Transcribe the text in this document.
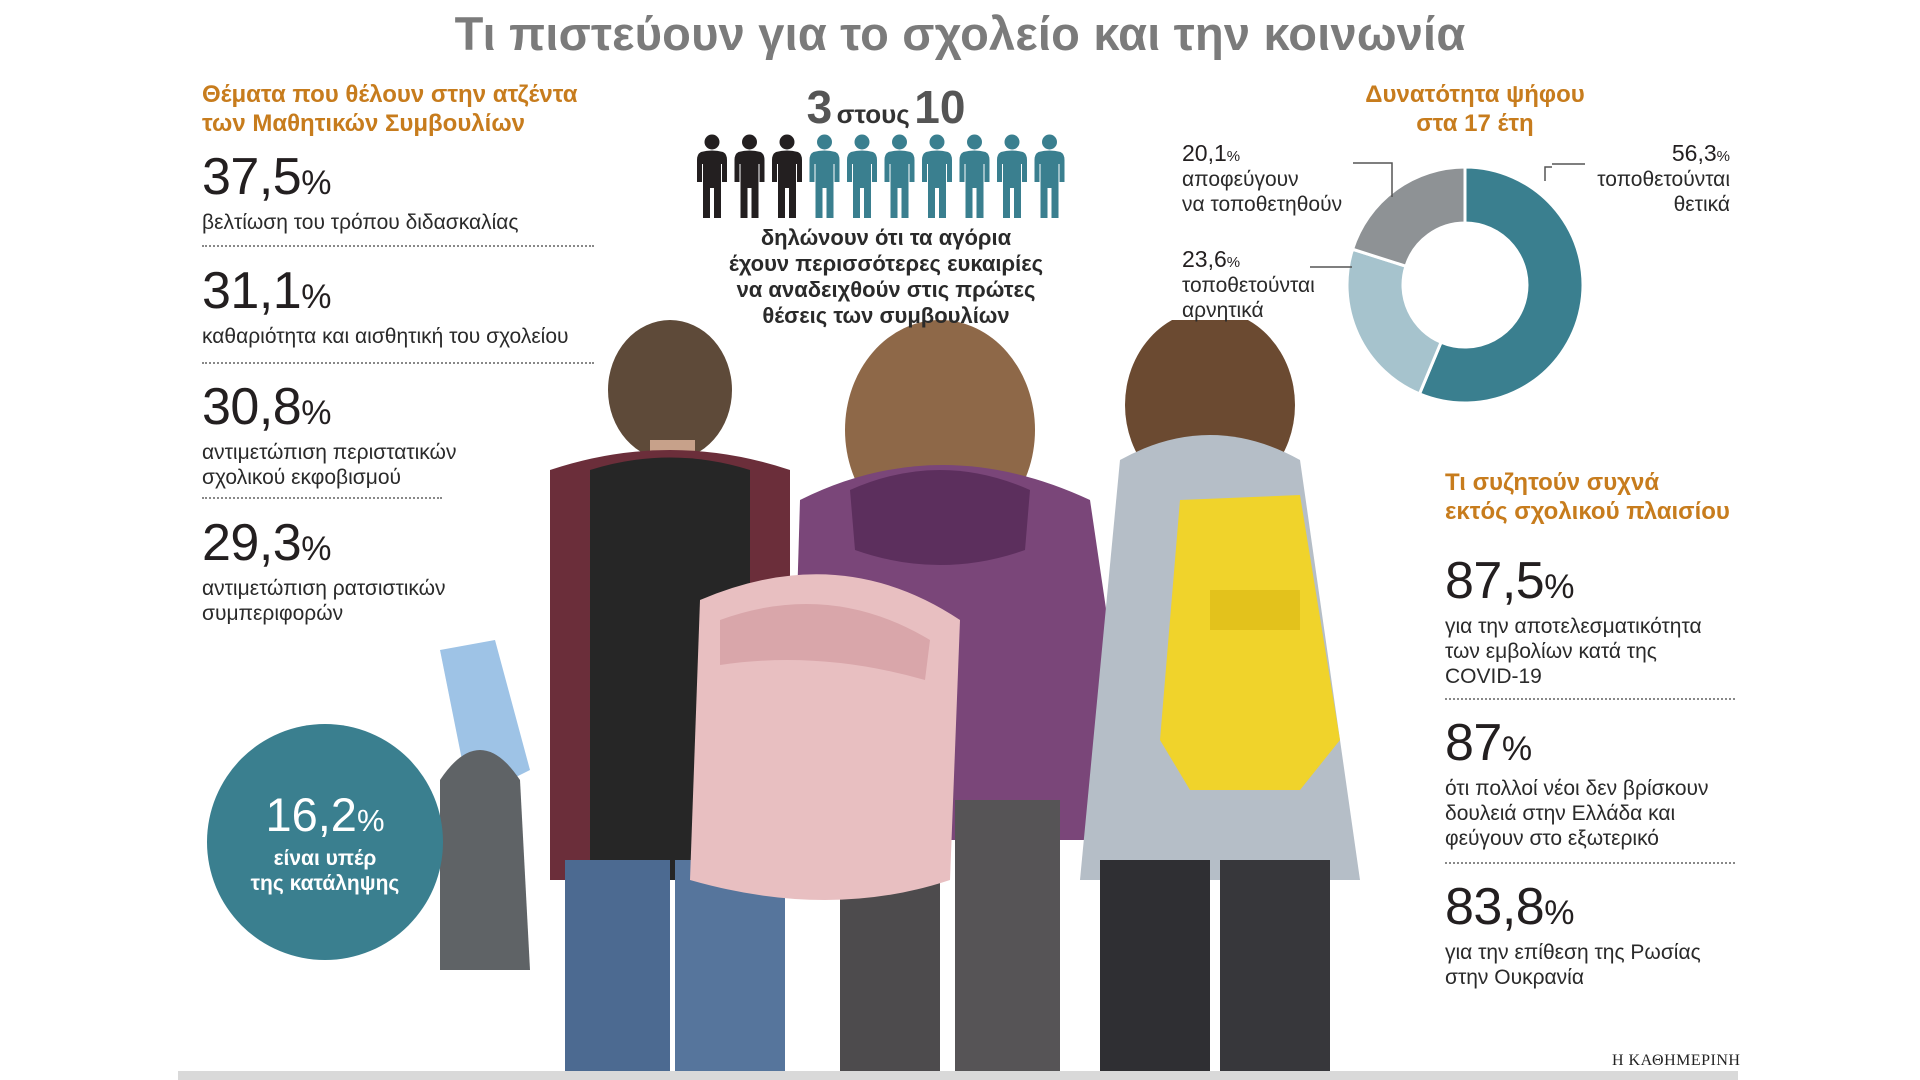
Τι πιστεύουν για το σχολείο και την κοινωνία
Θέματα που θέλουν στην ατζέντα των Μαθητικών Συμβουλίων
37,5%
βελτίωση του τρόπου διδασκαλίας
31,1%
καθαριότητα και αισθητική του σχολείου
30,8%
αντιμετώπιση περιστατικών
σχολικού εκφοβισμού
29,3%
αντιμετώπιση ρατσιστικών
συμπεριφορών
16,2%
είναι υπέρ
της κατάληψης
3 στους 10
δηλώνουν ότι τα αγόρια
έχουν περισσότερες ευκαιρίες
να αναδειχθούν στις πρώτες
θέσεις των συμβουλίων
Δυνατότητα ψήφου
στα 17 έτη
20,1%
αποφεύγουν
να τοποθετηθούν
23,6%
τοποθετούνται
αρνητικά
56,3%
τοποθετούνται
θετικά
Τι συζητούν συχνά
εκτός σχολικού πλαισίου
87,5%
για την αποτελεσματικότητα
των εμβολίων κατά της
COVID-19
87%
ότι πολλοί νέοι δεν βρίσκουν
δουλειά στην Ελλάδα και
φεύγουν στο εξωτερικό
83,8%
για την επίθεση της Ρωσίας
στην Ουκρανία
Η ΚΑΘΗΜΕΡΙΝΗ
